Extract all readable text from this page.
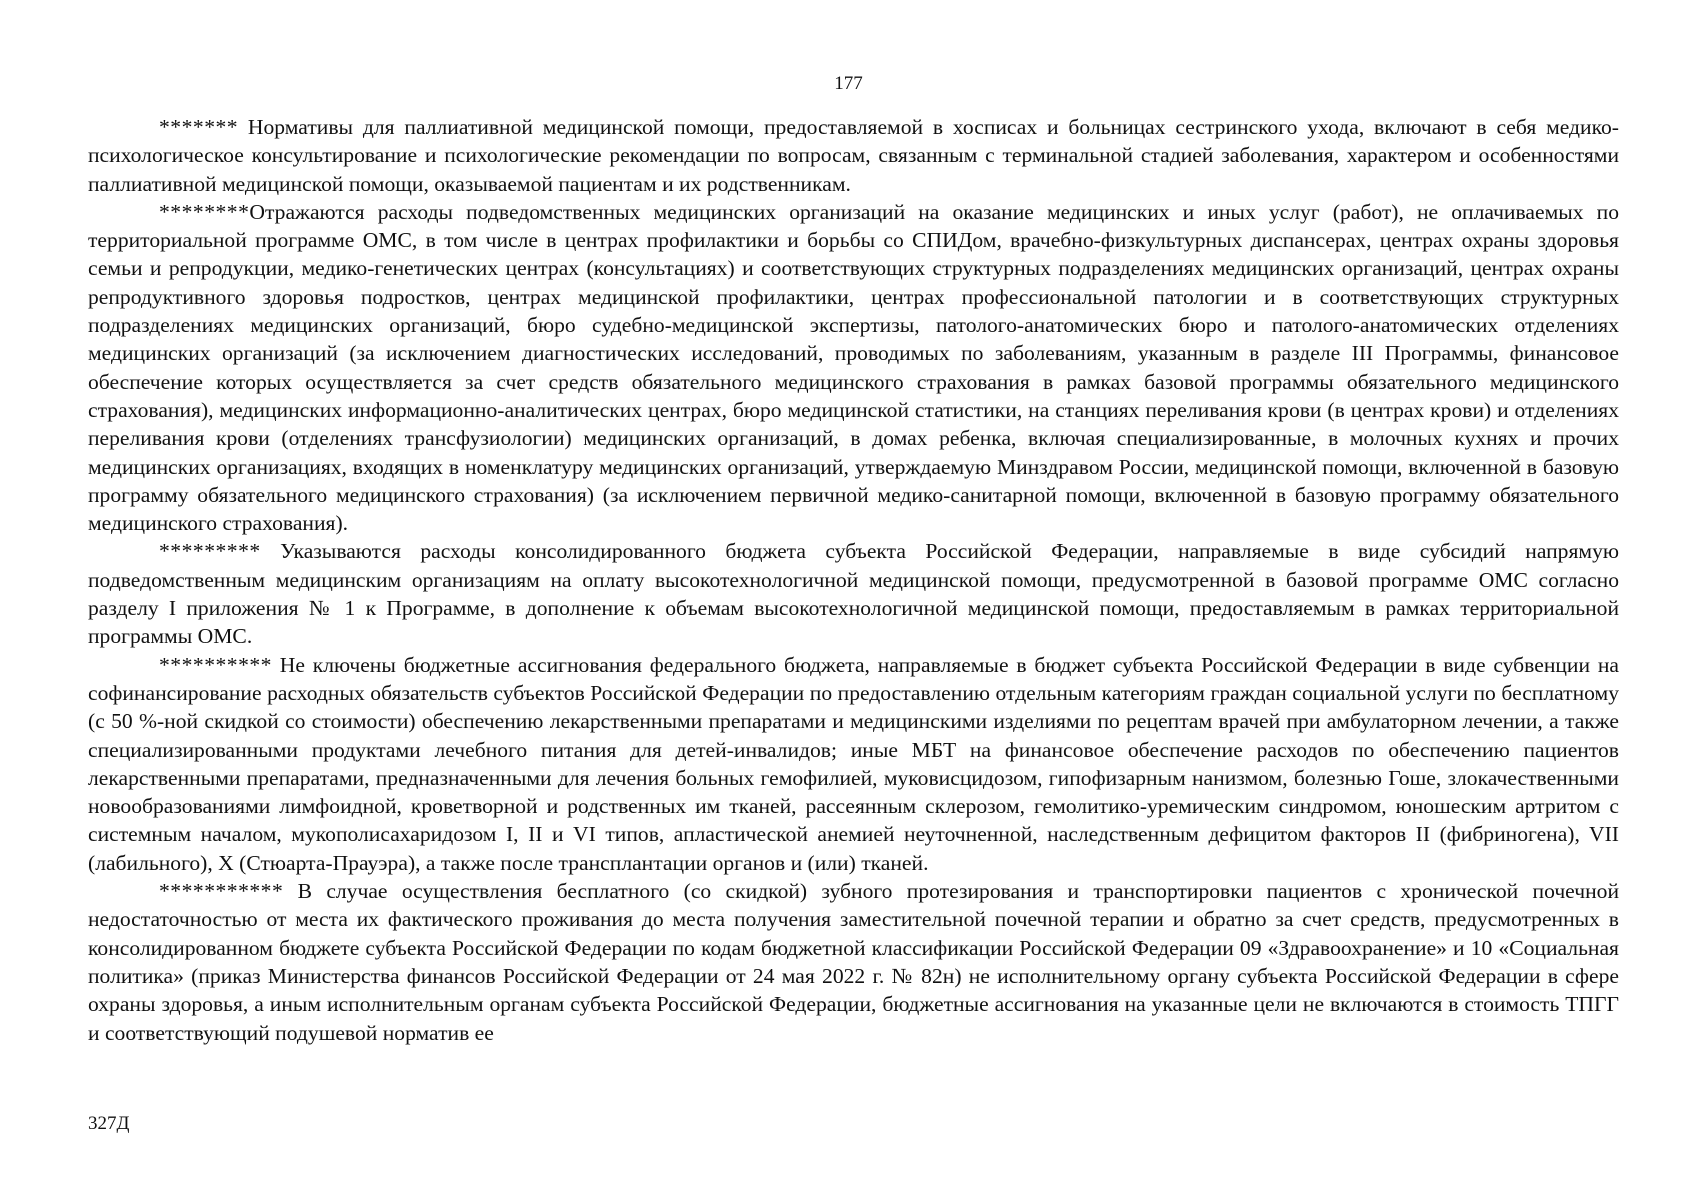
177

******* Нормативы для паллиативной медицинской помощи, предоставляемой в хосписах и больницах сестринского ухода, включают в себя медико-психологическое консультирование и психологические рекомендации по вопросам, связанным с терминальной стадией заболевания, характером и особенностями паллиативной медицинской помощи, оказываемой пациентам и их родственникам.

********Отражаются расходы подведомственных медицинских организаций на оказание медицинских и иных услуг (работ), не оплачиваемых по территориальной программе ОМС, в том числе в центрах профилактики и борьбы со СПИДом, врачебно-физкультурных диспансерах, центрах охраны здоровья семьи и репродукции, медико-генетических центрах (консультациях) и соответствующих структурных подразделениях медицинских организаций, центрах охраны репродуктивного здоровья подростков, центрах медицинской профилактики, центрах профессиональной патологии и в соответствующих структурных подразделениях медицинских организаций, бюро судебно-медицинской экспертизы, патолого-анатомических бюро и патолого-анатомических отделениях медицинских организаций (за исключением диагностических исследований, проводимых по заболеваниям, указанным в разделе III Программы, финансовое обеспечение которых осуществляется за счет средств обязательного медицинского страхования в рамках базовой программы обязательного медицинского страхования), медицинских информационно-аналитических центрах, бюро медицинской статистики, на станциях переливания крови (в центрах крови) и отделениях переливания крови (отделениях трансфузиологии) медицинских организаций, в домах ребенка, включая специализированные, в молочных кухнях и прочих медицинских организациях, входящих в номенклатуру медицинских организаций, утверждаемую Минздравом России, медицинской помощи, включенной в базовую программу обязательного медицинского страхования) (за исключением первичной медико-санитарной помощи, включенной в базовую программу обязательного медицинского страхования).

********* Указываются расходы консолидированного бюджета субъекта Российской Федерации, направляемые в виде субсидий напрямую подведомственным медицинским организациям на оплату высокотехнологичной медицинской помощи, предусмотренной в базовой программе ОМС согласно разделу I приложения № 1 к Программе, в дополнение к объемам высокотехнологичной медицинской помощи, предоставляемым в рамках территориальной программы ОМС.

********** Не ключены бюджетные ассигнования федерального бюджета, направляемые в бюджет субъекта Российской Федерации в виде субвенции на софинансирование расходных обязательств субъектов Российской Федерации по предоставлению отдельным категориям граждан социальной услуги по бесплатному (с 50 %-ной скидкой со стоимости) обеспечению лекарственными препаратами и медицинскими изделиями по рецептам врачей при амбулаторном лечении, а также специализированными продуктами лечебного питания для детей-инвалидов; иные МБТ на финансовое обеспечение расходов по обеспечению пациентов лекарственными препаратами, предназначенными для лечения больных гемофилией, муковисцидозом, гипофизарным нанизмом, болезнью Гоше, злокачественными новообразованиями лимфоидной, кроветворной и родственных им тканей, рассеянным склерозом, гемолитико-уремическим синдромом, юношеским артритом с системным началом, мукополисахаридозом I, II и VI типов, апластической анемией неуточненной, наследственным дефицитом факторов II (фибриногена), VII (лабильного), X (Стюарта-Прауэра), а также после трансплантации органов и (или) тканей.

*********** В случае осуществления бесплатного (со скидкой) зубного протезирования и транспортировки пациентов с хронической почечной недостаточностью от места их фактического проживания до места получения заместительной почечной терапии и обратно за счет средств, предусмотренных в консолидированном бюджете субъекта Российской Федерации по кодам бюджетной классификации Российской Федерации 09 «Здравоохранение» и 10 «Социальная политика» (приказ Министерства финансов Российской Федерации от 24 мая 2022 г. № 82н) не исполнительному органу субъекта Российской Федерации в сфере охраны здоровья, а иным исполнительным органам субъекта Российской Федерации, бюджетные ассигнования на указанные цели не включаются в стоимость ТПГГ и соответствующий подушевой норматив ее

327Д
